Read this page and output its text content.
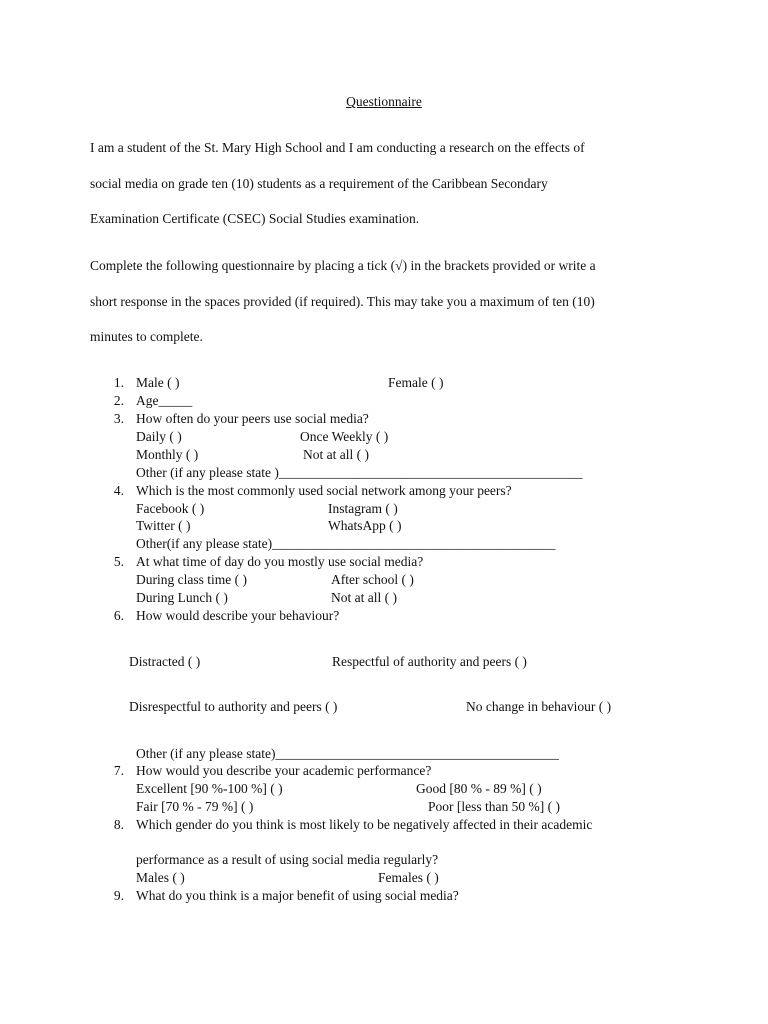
Questionnaire
I am a student of the St. Mary High School and I am conducting a research on the effects of
social media on grade ten (10) students as a requirement of the Caribbean Secondary
Examination Certificate (CSEC) Social Studies examination.
Complete the following questionnaire by placing a tick (√) in the brackets provided or write a
short response in the spaces provided (if required). This may take you a maximum of ten (10)
minutes to complete.
1. Male ( )	Female ( )
2. Age_____
3. How often do your peers use social media?
Daily ( )	Once Weekly ( )
Monthly ( )	Not at all ( )
Other (if any please state )_____________________________________________
4. Which is the most commonly used social network among your peers?
Facebook ( )	Instagram ( )
Twitter ( )	WhatsApp ( )
Other(if any please state)__________________________________________
5. At what time of day do you mostly use social media?
During class time ( )	After school ( )
During Lunch ( )	Not at all ( )
6. How would describe your behaviour?
Distracted ( )	Respectful of authority and peers ( )
Disrespectful to authority and peers ( )	No change in behaviour ( )
Other (if any please state)__________________________________________
7. How would you describe your academic performance?
Excellent [90 %-100 %] ( )	Good [80 % - 89 %] ( )
Fair [70 % - 79 %] ( )	Poor [less than 50 %] ( )
8. Which gender do you think is most likely to be negatively affected in their academic
performance as a result of using social media regularly?
Males ( )	Females ( )
9. What do you think is a major benefit of using social media?
